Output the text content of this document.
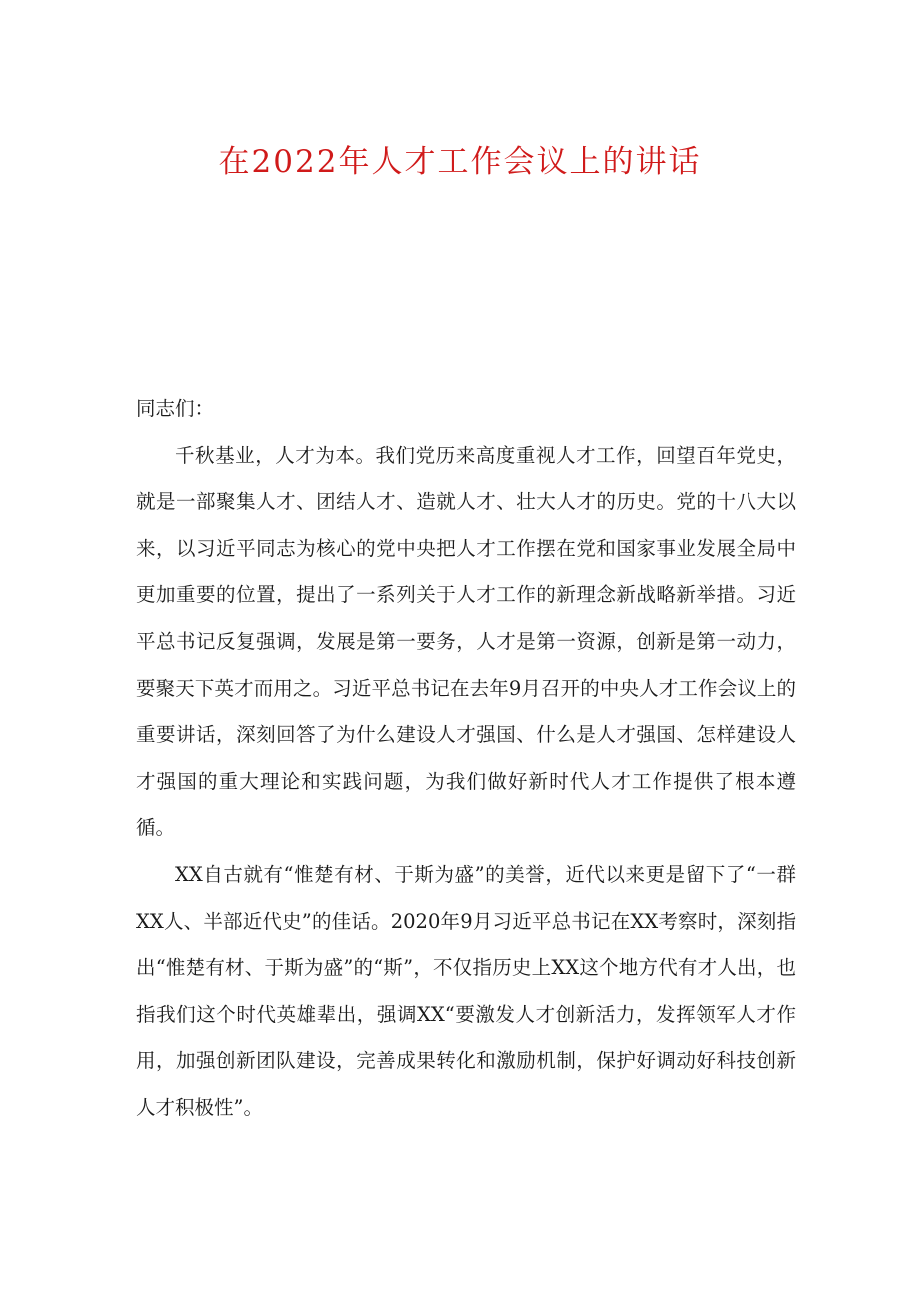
在2022年人才工作会议上的讲话

同志们：

千秋基业，人才为本。我们党历来高度重视人才工作，回望百年党史，就是一部聚集人才、团结人才、造就人才、壮大人才的历史。党的十八大以来，以习近平同志为核心的党中央把人才工作摆在党和国家事业发展全局中更加重要的位置，提出了一系列关于人才工作的新理念新战略新举措。习近平总书记反复强调，发展是第一要务，人才是第一资源，创新是第一动力，要聚天下英才而用之。习近平总书记在去年9月召开的中央人才工作会议上的重要讲话，深刻回答了为什么建设人才强国、什么是人才强国、怎样建设人才强国的重大理论和实践问题，为我们做好新时代人才工作提供了根本遵循。

XX自古就有“惟楚有材、于斯为盛”的美誉，近代以来更是留下了“一群XX人、半部近代史”的佳话。2020年9月习近平总书记在XX考察时，深刻指出“惟楚有材、于斯为盛”的“斯”，不仅指历史上XX这个地方代有才人出，也指我们这个时代英雄辈出，强调XX“要激发人才创新活力，发挥领军人才作用，加强创新团队建设，完善成果转化和激励机制，保护好调动好科技创新人才积极性”。
